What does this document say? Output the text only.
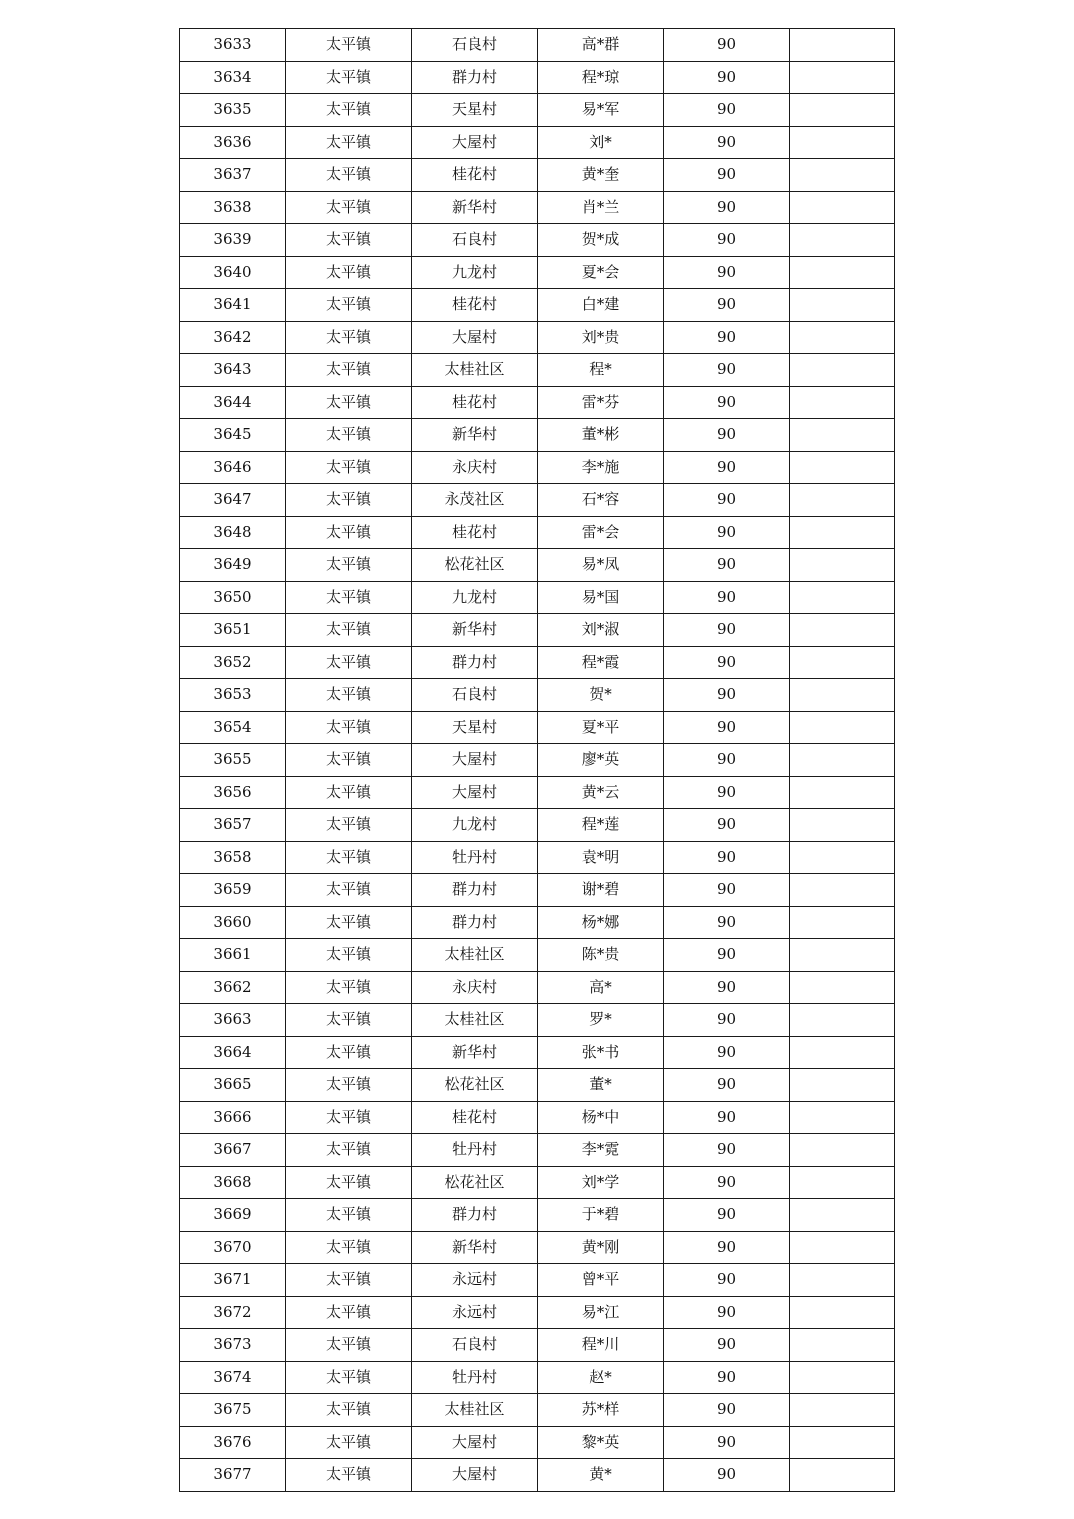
3633	太平镇	石良村	高*群	90	
3634	太平镇	群力村	程*琼	90	
3635	太平镇	天星村	易*军	90	
3636	太平镇	大屋村	刘*	90	
3637	太平镇	桂花村	黄*奎	90	
3638	太平镇	新华村	肖*兰	90	
3639	太平镇	石良村	贺*成	90	
3640	太平镇	九龙村	夏*会	90	
3641	太平镇	桂花村	白*建	90	
3642	太平镇	大屋村	刘*贵	90	
3643	太平镇	太桂社区	程*	90	
3644	太平镇	桂花村	雷*芬	90	
3645	太平镇	新华村	董*彬	90	
3646	太平镇	永庆村	李*施	90	
3647	太平镇	永茂社区	石*容	90	
3648	太平镇	桂花村	雷*会	90	
3649	太平镇	松花社区	易*凤	90	
3650	太平镇	九龙村	易*国	90	
3651	太平镇	新华村	刘*淑	90	
3652	太平镇	群力村	程*霞	90	
3653	太平镇	石良村	贺*	90	
3654	太平镇	天星村	夏*平	90	
3655	太平镇	大屋村	廖*英	90	
3656	太平镇	大屋村	黄*云	90	
3657	太平镇	九龙村	程*莲	90	
3658	太平镇	牡丹村	袁*明	90	
3659	太平镇	群力村	谢*碧	90	
3660	太平镇	群力村	杨*娜	90	
3661	太平镇	太桂社区	陈*贵	90	
3662	太平镇	永庆村	高*	90	
3663	太平镇	太桂社区	罗*	90	
3664	太平镇	新华村	张*书	90	
3665	太平镇	松花社区	董*	90	
3666	太平镇	桂花村	杨*中	90	
3667	太平镇	牡丹村	李*霓	90	
3668	太平镇	松花社区	刘*学	90	
3669	太平镇	群力村	于*碧	90	
3670	太平镇	新华村	黄*刚	90	
3671	太平镇	永远村	曾*平	90	
3672	太平镇	永远村	易*江	90	
3673	太平镇	石良村	程*川	90	
3674	太平镇	牡丹村	赵*	90	
3675	太平镇	太桂社区	苏*样	90	
3676	太平镇	大屋村	黎*英	90	
3677	太平镇	大屋村	黄*	90	
